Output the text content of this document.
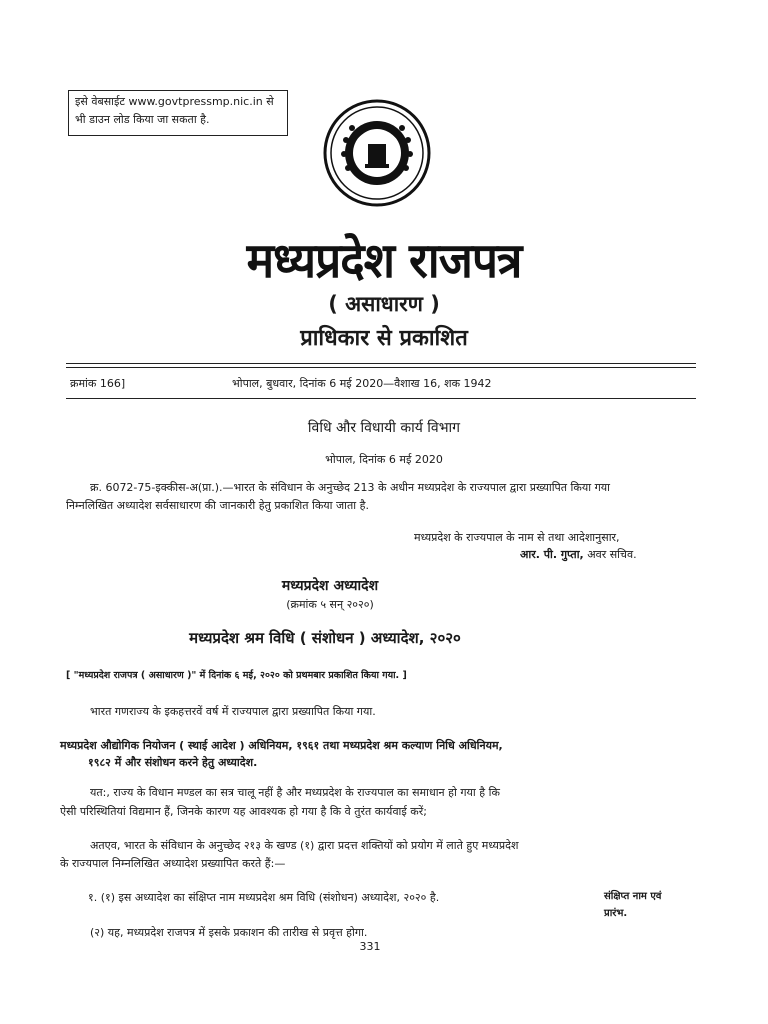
इसे वेबसाईट www.govtpressmp.nic.in से
भी डाउन लोड किया जा सकता है.
मध्यप्रदेश राजपत्र
( असाधारण )
प्राधिकार से प्रकाशित
क्रमांक 166]	भोपाल, बुधवार, दिनांक 6 मई 2020—वैशाख 16, शक 1942
विधि और विधायी कार्य विभाग
भोपाल, दिनांक 6 मई 2020
क्र. 6072-75-इक्कीस-अ(प्रा.).—भारत के संविधान के अनुच्छेद 213 के अधीन मध्यप्रदेश के राज्यपाल द्वारा प्रख्यापित किया गया
निम्नलिखित अध्यादेश सर्वसाधारण की जानकारी हेतु प्रकाशित किया जाता है.
मध्यप्रदेश के राज्यपाल के नाम से तथा आदेशानुसार,
आर. पी. गुप्ता, अवर सचिव.
मध्यप्रदेश अध्यादेश
(क्रमांक ५ सन् २०२०)
मध्यप्रदेश श्रम विधि ( संशोधन ) अध्यादेश, २०२०
[ "मध्यप्रदेश राजपत्र ( असाधारण )" में दिनांक ६ मई, २०२० को प्रथमबार प्रकाशित किया गया. ]
भारत गणराज्य के इकहत्तरवें वर्ष में राज्यपाल द्वारा प्रख्यापित किया गया.
मध्यप्रदेश औद्योगिक नियोजन ( स्थाई आदेश ) अधिनियम, १९६१ तथा मध्यप्रदेश श्रम कल्याण निधि अधिनियम,
१९८२ में और संशोधन करने हेतु अध्यादेश.
यत:, राज्य के विधान मण्डल का सत्र चालू नहीं है और मध्यप्रदेश के राज्यपाल का समाधान हो गया है कि
ऐसी परिस्थितियां विद्यमान हैं, जिनके कारण यह आवश्यक हो गया है कि वे तुरंत कार्यवाई करें;
अतएव, भारत के संविधान के अनुच्छेद २१३ के खण्ड (१) द्वारा प्रदत्त शक्तियों को प्रयोग में लाते हुए मध्यप्रदेश
के राज्यपाल निम्नलिखित अध्यादेश प्रख्यापित करते हैं:—
१. (१) इस अध्यादेश का संक्षिप्त नाम मध्यप्रदेश श्रम विधि (संशोधन) अध्यादेश, २०२० है.
(२) यह, मध्यप्रदेश राजपत्र में इसके प्रकाशन की तारीख से प्रवृत्त होगा.
संक्षिप्त नाम एवं
प्रारंभ.
331
